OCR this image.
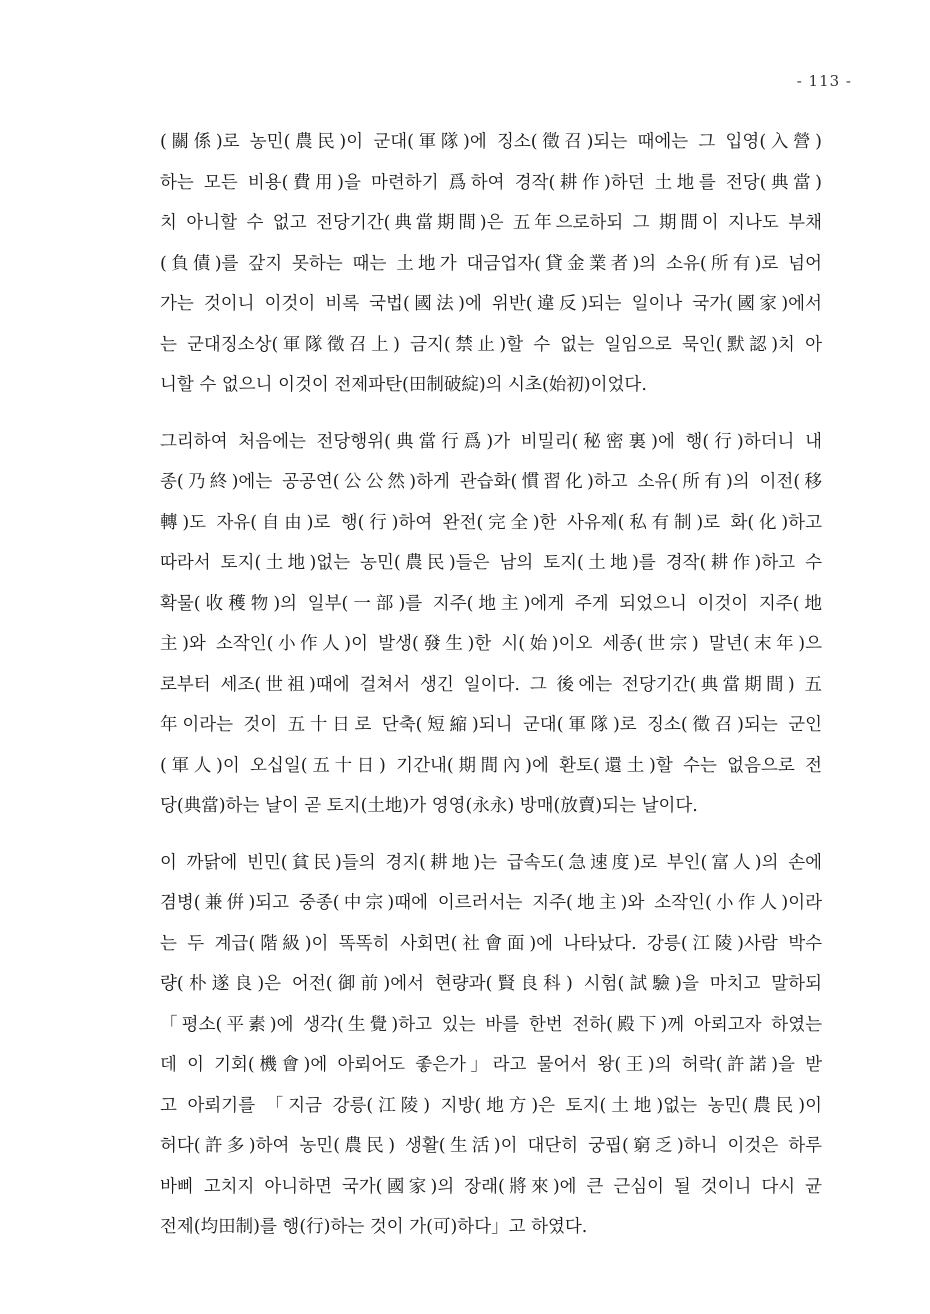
- 113 -
(關係)로 농민(農民)이 군대(軍隊)에 징소(徵召)되는 때에는 그 입영(入營)
하는 모든 비용(費用)을 마련하기 爲하여 경작(耕作)하던 土地를 전당(典當)
치 아니할 수 없고 전당기간(典當期間)은 五年으로하되 그 期間이 지나도 부채
(負債)를 갚지 못하는 때는 土地가 대금업자(貸金業者)의 소유(所有)로 넘어
가는 것이니 이것이 비록 국법(國法)에 위반(違反)되는 일이나 국가(國家)에서
는 군대징소상(軍隊徵召上) 금지(禁止)할 수 없는 일임으로 묵인(默認)치 아
니할 수 없으니 이것이 전제파탄(田制破綻)의 시초(始初)이었다.
그리하여 처음에는 전당행위(典當行爲)가 비밀리(秘密裏)에 행(行)하더니 내
종(乃終)에는 공공연(公公然)하게 관습화(慣習化)하고 소유(所有)의 이전(移
轉)도 자유(自由)로 행(行)하여 완전(完全)한 사유제(私有制)로 화(化)하고
따라서 토지(土地)없는 농민(農民)들은 남의 토지(土地)를 경작(耕作)하고 수
확물(收穫物)의 일부(一部)를 지주(地主)에게 주게 되었으니 이것이 지주(地
主)와 소작인(小作人)이 발생(發生)한 시(始)이오 세종(世宗) 말년(末年)으
로부터 세조(世祖)때에 걸쳐서 생긴 일이다. 그 後에는 전당기간(典當期間) 五
年이라는 것이 五十日로 단축(短縮)되니 군대(軍隊)로 징소(徵召)되는 군인
(軍人)이 오십일(五十日) 기간내(期間內)에 환토(還土)할 수는 없음으로 전
당(典當)하는 날이 곧 토지(土地)가 영영(永永) 방매(放賣)되는 날이다.
이 까닭에 빈민(貧民)들의 경지(耕地)는 급속도(急速度)로 부인(富人)의 손에
겸병(兼倂)되고 중종(中宗)때에 이르러서는 지주(地主)와 소작인(小作人)이라
는 두 계급(階級)이 똑똑히 사회면(社會面)에 나타났다. 강릉(江陵)사람 박수
량(朴遂良)은 어전(御前)에서 현량과(賢良科) 시험(試驗)을 마치고 말하되
「평소(平素)에 생각(生覺)하고 있는 바를 한번 전하(殿下)께 아뢰고자 하였는
데 이 기회(機會)에 아뢰어도 좋은가」라고 물어서 왕(王)의 허락(許諾)을 받
고 아뢰기를 「지금 강릉(江陵) 지방(地方)은 토지(土地)없는 농민(農民)이
허다(許多)하여 농민(農民) 생활(生活)이 대단히 궁핍(窮乏)하니 이것은 하루
바삐 고치지 아니하면 국가(國家)의 장래(將來)에 큰 근심이 될 것이니 다시 균
전제(均田制)를 행(行)하는 것이 가(可)하다」고 하였다.
